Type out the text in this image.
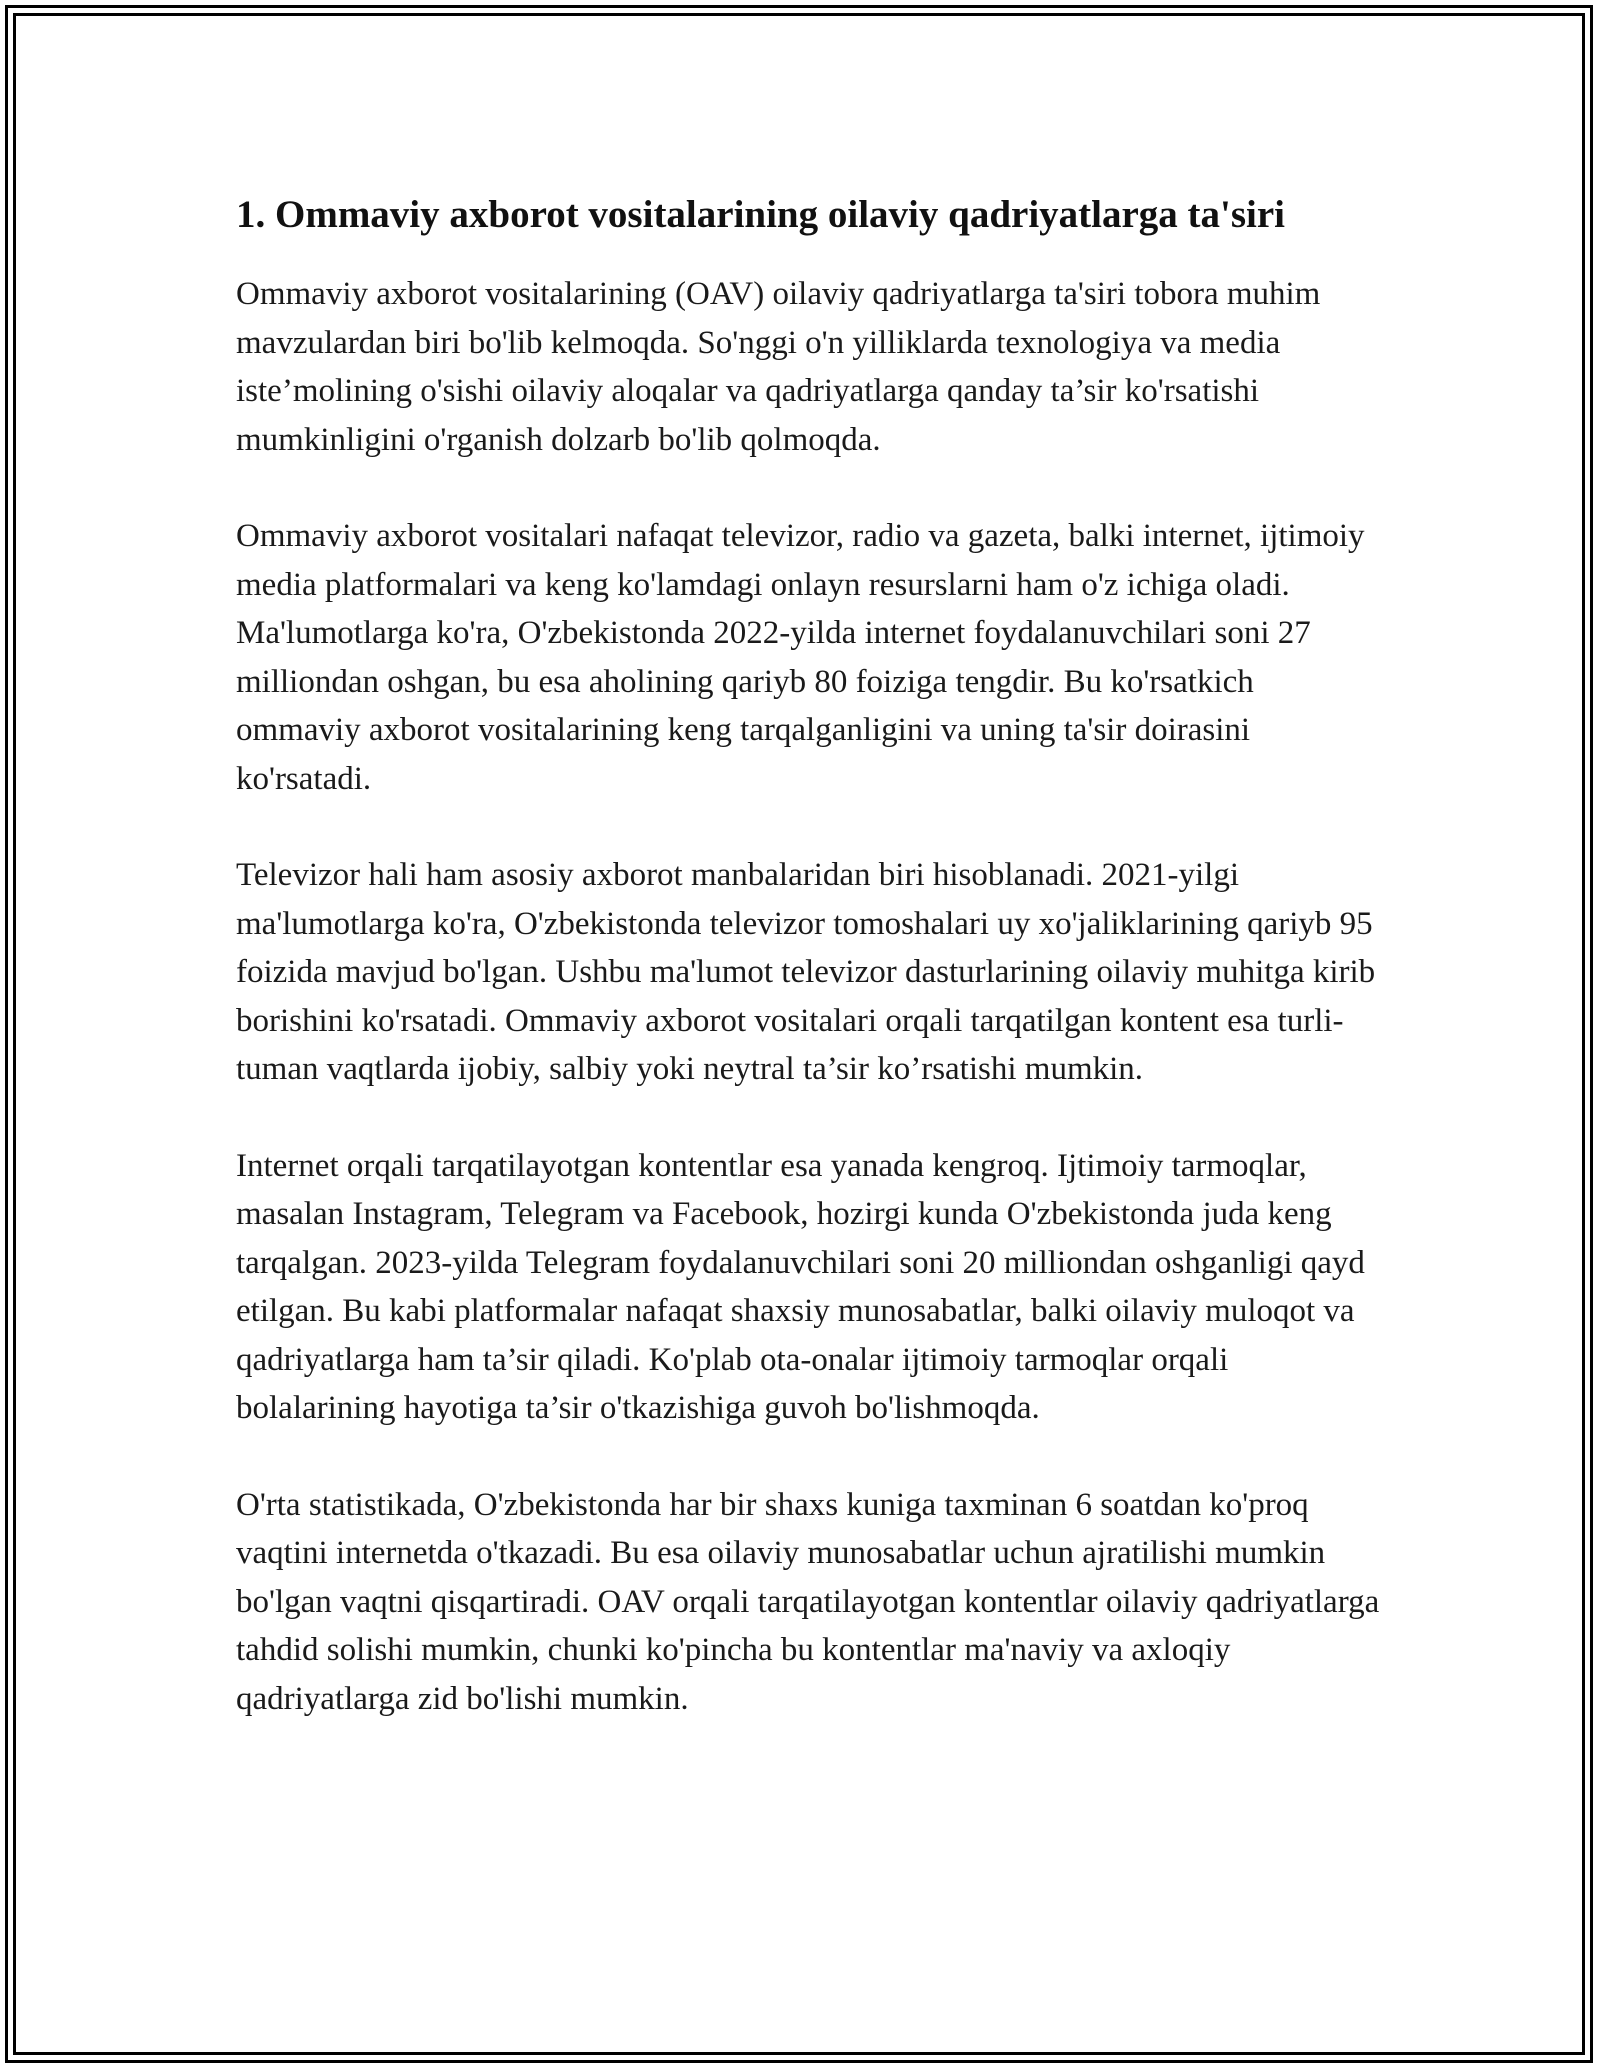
1. Ommaviy axborot vositalarining oilaviy qadriyatlarga ta's​iri

Ommaviy axborot vositalarining (OAV) oilaviy qadriyatlarga ta'siri tobora muhim mavzulardan biri bo'lib kelmoqda. So'nggi o'n yilliklarda texnologiya va media iste’molining o'sishi oilaviy aloqalar va qadriyatlarga qanday ta’sir ko'rsatishi mumkinligini o'rganish dolzarb bo'lib qolmoqda.

Ommaviy axborot vositalari nafaqat televizor, radio va gazeta, balki internet, ijtimoiy media platformalari va keng ko'lamdagi onlayn resurslarni ham o'z ichiga oladi. Ma'lumotlarga ko'ra, O'zbekistonda 2022-yilda internet foydalanuvchilari soni 27 milliondan oshgan, bu esa aholining qariyb 80 foiziga tengdir. Bu ko'rsatkich ommaviy axborot vositalarining keng tarqalganligini va uning ta'sir doirasini ko'rsatadi.

Televizor hali ham asosiy axborot manbalaridan biri hisoblanadi. 2021-yilgi ma'lumotlarga ko'ra, O'zbekistonda televizor tomoshalari uy xo'jaliklarining qariyb 95 foizida mavjud bo'lgan. Ushbu ma'lumot televizor dasturlarining oilaviy muhitga kirib borishini ko'rsatadi. Ommaviy axborot vositalari orqali tarqatilgan kontent esa turli-tuman vaqtlarda ijobiy, salbiy yoki neytral ta’sir ko’rsatishi mumkin.

Internet orqali tarqatilayotgan kontentlar esa yanada kengroq. Ijtimoiy tarmoqlar, masalan Instagram, Telegram va Facebook, hozirgi kunda O'zbekistonda juda keng tarqalgan. 2023-yilda Telegram foydalanuvchilari soni 20 milliondan oshganligi qayd etilgan. Bu kabi platformalar nafaqat shaxsiy munosabatlar, balki oilaviy muloqot va qadriyatlarga ham ta’sir qiladi. Ko'plab ota-onalar ijtimoiy tarmoqlar orqali bolalarining hayotiga ta’sir o'tkazishiga guvoh bo'lishmoqda.

O'rta statistikada, O'zbekistonda har bir shaxs kuniga taxminan 6 soatdan ko'proq vaqtini internetda o'tkazadi. Bu esa oilaviy munosabatlar uchun ajratilishi mumkin bo'lgan vaqtni qisqartiradi. OAV orqali tarqatilayotgan kontentlar oilaviy qadriyatlarga tahdid solishi mumkin, chunki ko'pincha bu kontentlar ma'naviy va axloqiy qadriyatlarga zid bo'lishi mumkin.
